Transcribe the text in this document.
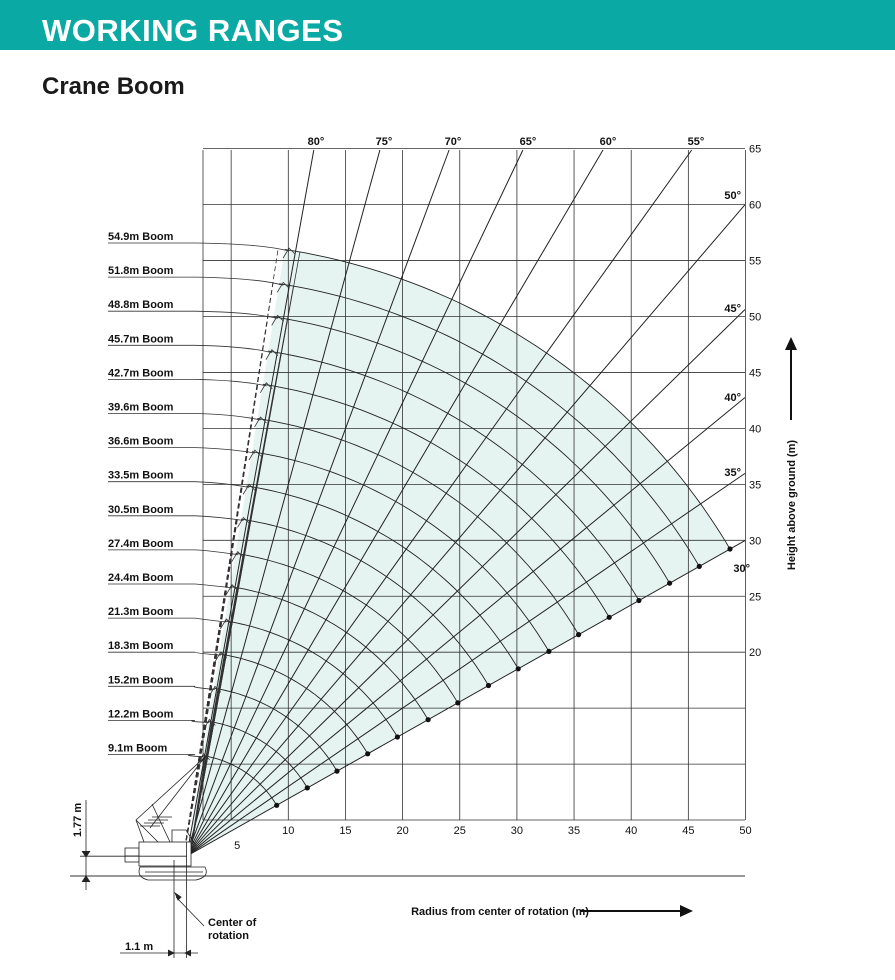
WORKING RANGES
Crane Boom
54.9m Boom
51.8m Boom
48.8m Boom
45.7m Boom
42.7m Boom
39.6m Boom
36.6m Boom
33.5m Boom
30.5m Boom
27.4m Boom
24.4m Boom
21.3m Boom
18.3m Boom
15.2m Boom
12.2m Boom
9.1m Boom
5
10	15	20	25	30	35	40	45	50
20
25
30
35
40
45
50
55
60
65
80°	75°	70°	65°	60°	55°
50°
45°
40°
35°
30°	Height above ground (m)
Radius from center of rotation (m)
1.77 m
1.1 m
Center of
rotation
